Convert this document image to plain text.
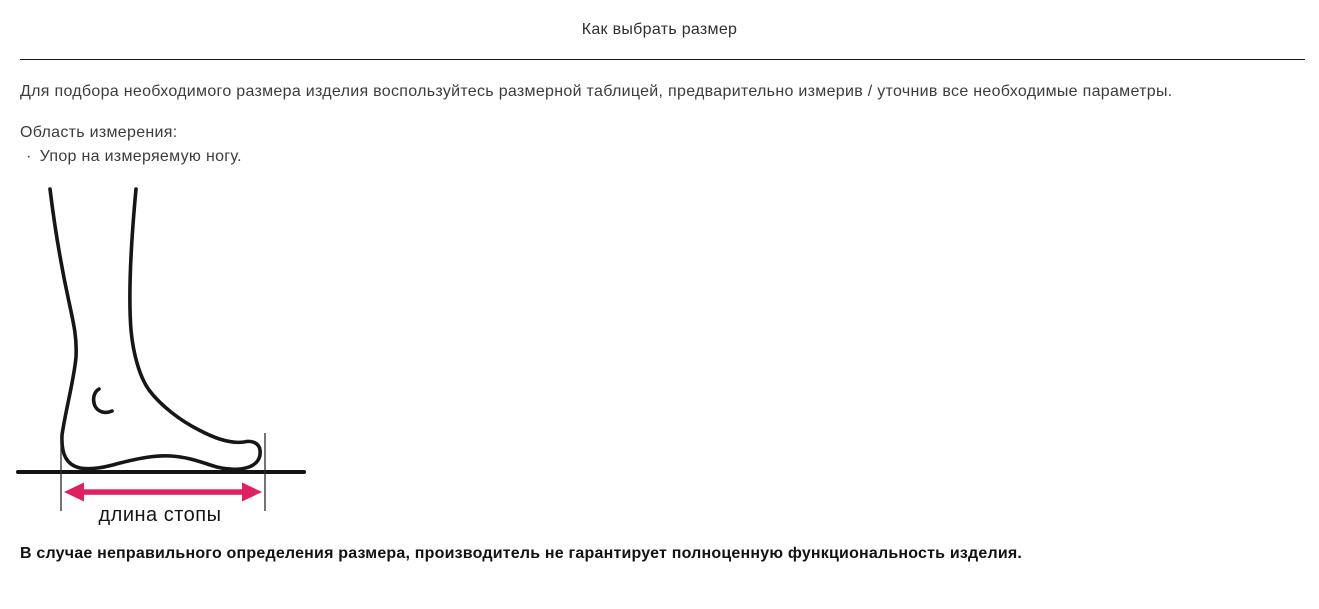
Как выбрать размер

Для подбора необходимого размера изделия воспользуйтесь размерной таблицей, предварительно измерив / уточнив все необходимые параметры.

Область измерения:
· Упор на измеряемую ногу.
длина стопы

В случае неправильного определения размера, производитель не гарантирует полноценную функциональность изделия.
